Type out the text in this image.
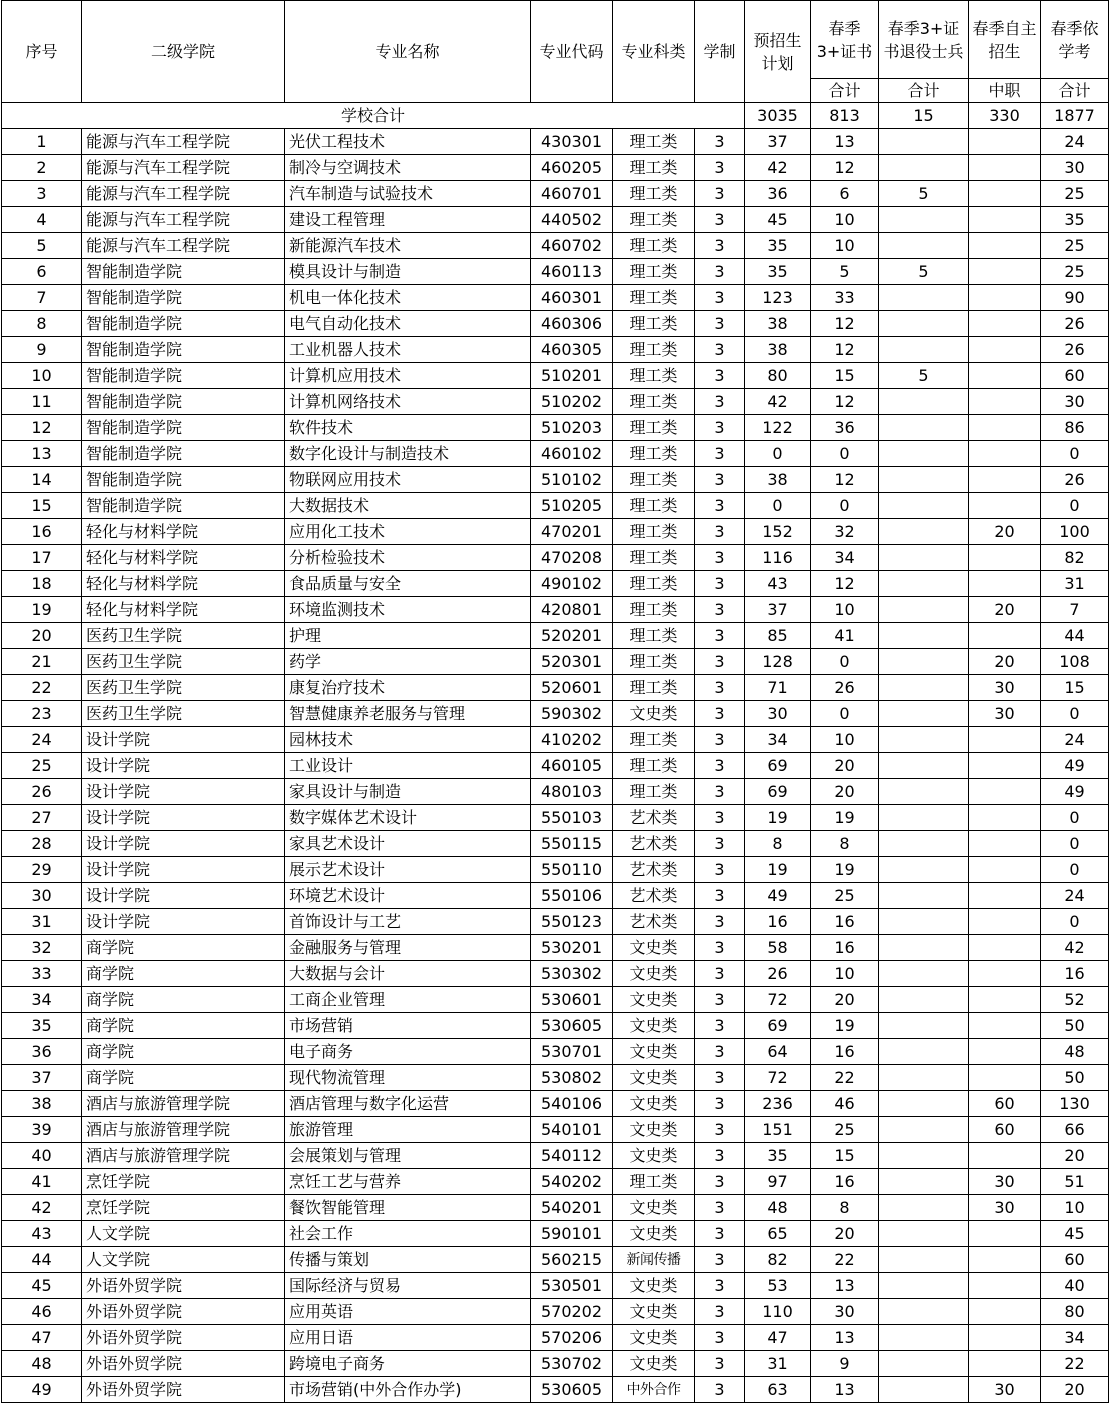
序号	二级学院	专业名称	专业代码	专业科类	学制	预招生计划	春季3+证书	春季3+证书退役士兵	春季自主招生	春季依学考
							合计	合计	中职	合计
学校合计						3035	813	15	330	1877
1	能源与汽车工程学院	光伏工程技术	430301	理工类	3	37	13			24
2	能源与汽车工程学院	制冷与空调技术	460205	理工类	3	42	12			30
3	能源与汽车工程学院	汽车制造与试验技术	460701	理工类	3	36	6	5		25
4	能源与汽车工程学院	建设工程管理	440502	理工类	3	45	10			35
5	能源与汽车工程学院	新能源汽车技术	460702	理工类	3	35	10			25
6	智能制造学院	模具设计与制造	460113	理工类	3	35	5	5		25
7	智能制造学院	机电一体化技术	460301	理工类	3	123	33			90
8	智能制造学院	电气自动化技术	460306	理工类	3	38	12			26
9	智能制造学院	工业机器人技术	460305	理工类	3	38	12			26
10	智能制造学院	计算机应用技术	510201	理工类	3	80	15	5		60
11	智能制造学院	计算机网络技术	510202	理工类	3	42	12			30
12	智能制造学院	软件技术	510203	理工类	3	122	36			86
13	智能制造学院	数字化设计与制造技术	460102	理工类	3	0	0			0
14	智能制造学院	物联网应用技术	510102	理工类	3	38	12			26
15	智能制造学院	大数据技术	510205	理工类	3	0	0			0
16	轻化与材料学院	应用化工技术	470201	理工类	3	152	32		20	100
17	轻化与材料学院	分析检验技术	470208	理工类	3	116	34			82
18	轻化与材料学院	食品质量与安全	490102	理工类	3	43	12			31
19	轻化与材料学院	环境监测技术	420801	理工类	3	37	10		20	7
20	医药卫生学院	护理	520201	理工类	3	85	41			44
21	医药卫生学院	药学	520301	理工类	3	128	0		20	108
22	医药卫生学院	康复治疗技术	520601	理工类	3	71	26		30	15
23	医药卫生学院	智慧健康养老服务与管理	590302	文史类	3	30	0		30	0
24	设计学院	园林技术	410202	理工类	3	34	10			24
25	设计学院	工业设计	460105	理工类	3	69	20			49
26	设计学院	家具设计与制造	480103	理工类	3	69	20			49
27	设计学院	数字媒体艺术设计	550103	艺术类	3	19	19			0
28	设计学院	家具艺术设计	550115	艺术类	3	8	8			0
29	设计学院	展示艺术设计	550110	艺术类	3	19	19			0
30	设计学院	环境艺术设计	550106	艺术类	3	49	25			24
31	设计学院	首饰设计与工艺	550123	艺术类	3	16	16			0
32	商学院	金融服务与管理	530201	文史类	3	58	16			42
33	商学院	大数据与会计	530302	文史类	3	26	10			16
34	商学院	工商企业管理	530601	文史类	3	72	20			52
35	商学院	市场营销	530605	文史类	3	69	19			50
36	商学院	电子商务	530701	文史类	3	64	16			48
37	商学院	现代物流管理	530802	文史类	3	72	22			50
38	酒店与旅游管理学院	酒店管理与数字化运营	540106	文史类	3	236	46		60	130
39	酒店与旅游管理学院	旅游管理	540101	文史类	3	151	25		60	66
40	酒店与旅游管理学院	会展策划与管理	540112	文史类	3	35	15			20
41	烹饪学院	烹饪工艺与营养	540202	理工类	3	97	16		30	51
42	烹饪学院	餐饮智能管理	540201	文史类	3	48	8		30	10
43	人文学院	社会工作	590101	文史类	3	65	20			45
44	人文学院	传播与策划	560215	新闻传播	3	82	22			60
45	外语外贸学院	国际经济与贸易	530501	文史类	3	53	13			40
46	外语外贸学院	应用英语	570202	文史类	3	110	30			80
47	外语外贸学院	应用日语	570206	文史类	3	47	13			34
48	外语外贸学院	跨境电子商务	530702	文史类	3	31	9			22
49	外语外贸学院	市场营销(中外合作办学)	530605	中外合作	3	63	13		30	20
